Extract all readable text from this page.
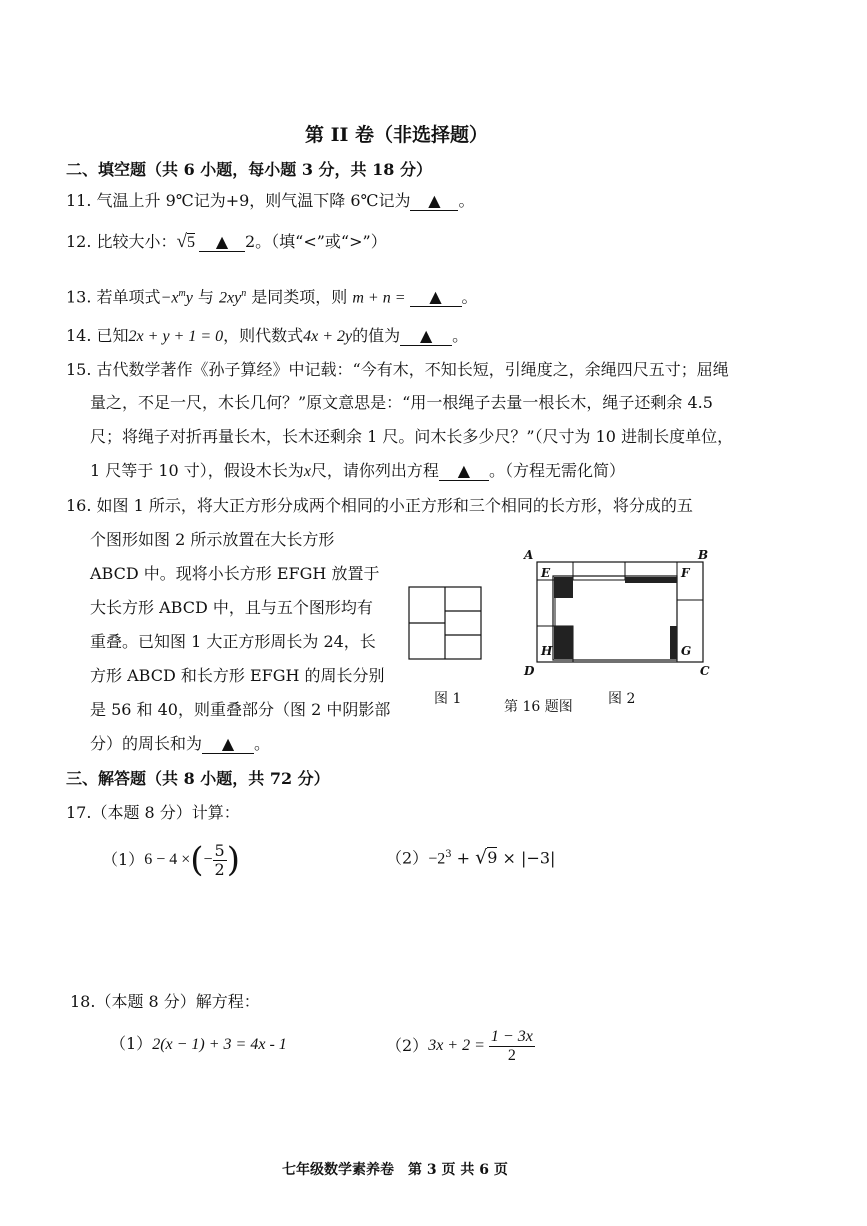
第 II 卷（非选择题）
二、填空题（共 6 小题，每小题 3 分，共 18 分）
11. 气温上升 9℃记为+9，则气温下降 6℃记为 ▲ 。
12. 比较大小：√5 ▲ 2。（填“<”或“>”）
13. 若单项式$-x^my$ 与 $2xy^n$ 是同类项，则 m + n = ▲ 。
14. 已知2x + y + 1 = 0，则代数式4x + 2y的值为 ▲ 。
15. 古代数学著作《孙子算经》中记载：“今有木，不知长短，引绳度之，余绳四尺五寸；屈绳
量之，不足一尺，木长几何？”原文意思是：“用一根绳子去量一根长木，绳子还剩余 4.5
尺；将绳子对折再量长木，长木还剩余 1 尺。问木长多少尺？”（尺寸为 10 进制长度单位，
1 尺等于 10 寸），假设木长为x尺，请你列出方程 ▲ 。（方程无需化简）
16. 如图 1 所示，将大正方形分成两个相同的小正方形和三个相同的长方形，将分成的五
个图形如图 2 所示放置在大长方形
ABCD 中。现将小长方形 EFGH 放置于
大长方形 ABCD 中，且与五个图形均有
重叠。已知图 1 大正方形周长为 24，长
方形 ABCD 和长方形 EFGH 的周长分别
是 56 和 40，则重叠部分（图 2 中阴影部
分）的周长和为 ▲ 。
A	B
C
D
E	F
G
H
图 1	第 16 题图	图 2
三、解答题（共 8 小题，共 72 分）
17.（本题 8 分）计算：
（1） 6 − 4 × ( − $\frac{5}{2}$ )	$(2)-2^3 + √9 \times |-3|$
18.（本题 8 分）解方程：
（1）2(x − 1) + 3 = 4x - 1	（2） $3x + 2 = \frac{1 - 3x}{2}$
七年级数学素养卷　第 3 页 共 6 页
